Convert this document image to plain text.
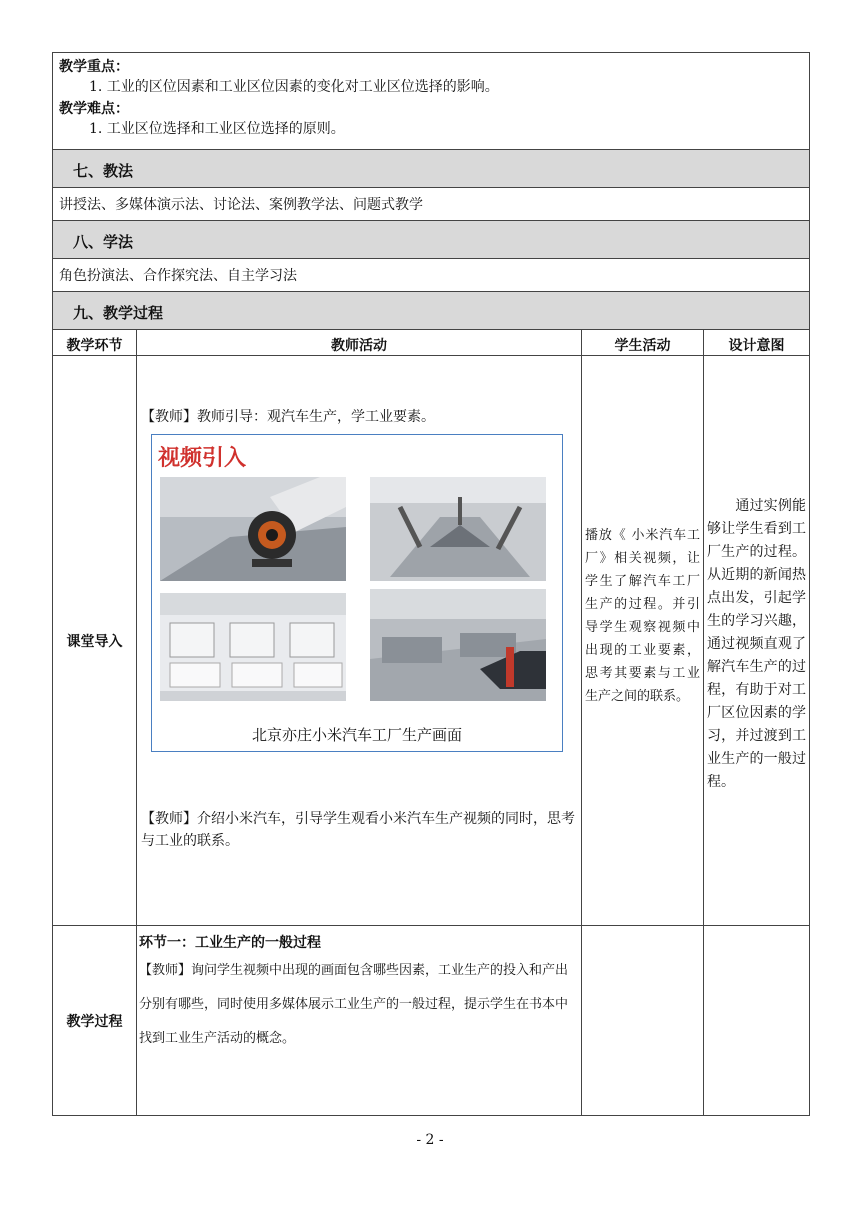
教学重点：
1. 工业的区位因素和工业区位因素的变化对工业区位选择的影响。
教学难点：
1. 工业区位选择和工业区位选择的原则。			

七、教法			

讲授法、多媒体演示法、讨论法、案例教学法、问题式教学			

八、学法			

角色扮演法、合作探究法、自主学习法			

九、教学过程			

教学环节	教师活动	学生活动	设计意图

课堂导入	【教师】教师引导：观汽车生产，学工业要素。
视频引入
北京亦庄小米汽车工厂生产画面
【教师】介绍小米汽车，引导学生观看小米汽车生产视频的同时，思考与工业的联系。	播放《 小米汽车工厂》相关视频，让学生了解汽车工厂生产的过程。并引导学生观察视频中出现的工业要素，思考其要素与工业生产之间的联系。	　　通过实例能够让学生看到工厂生产的过程。从近期的新闻热点出发，引起学生的学习兴趣，通过视频直观了解汽车生产的过程，有助于对工厂区位因素的学习，并过渡到工业生产的一般过程。

教学过程	环节一：工业生产的一般过程
【教师】询问学生视频中出现的画面包含哪些因素，工业生产的投入和产出分别有哪些，同时使用多媒体展示工业生产的一般过程，提示学生在书本中找到工业生产活动的概念。		

- 2 -
